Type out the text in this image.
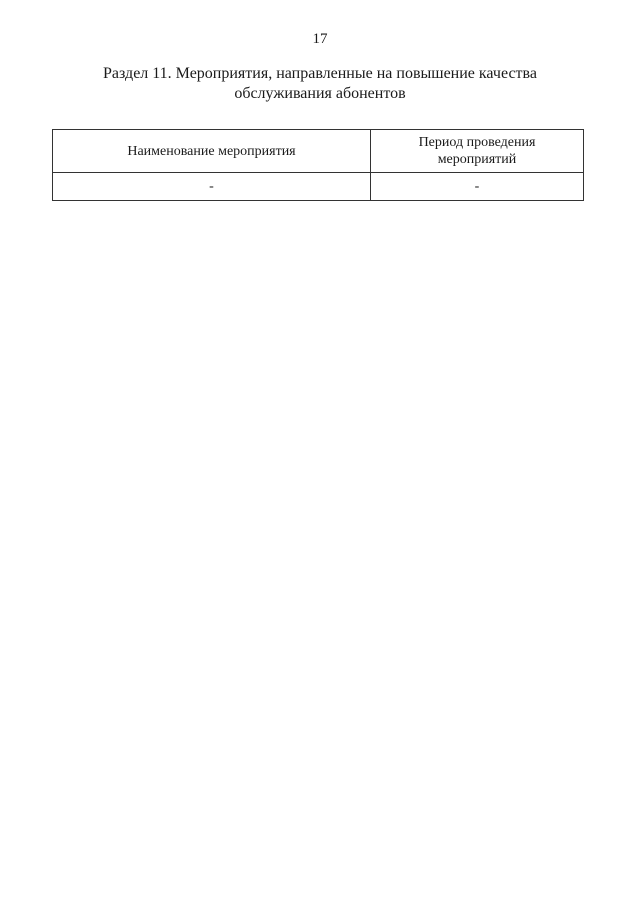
17
Раздел 11. Мероприятия, направленные на повышение качества
обслуживания абонентов
Наименование мероприятия	Период проведения
мероприятий

-	-
